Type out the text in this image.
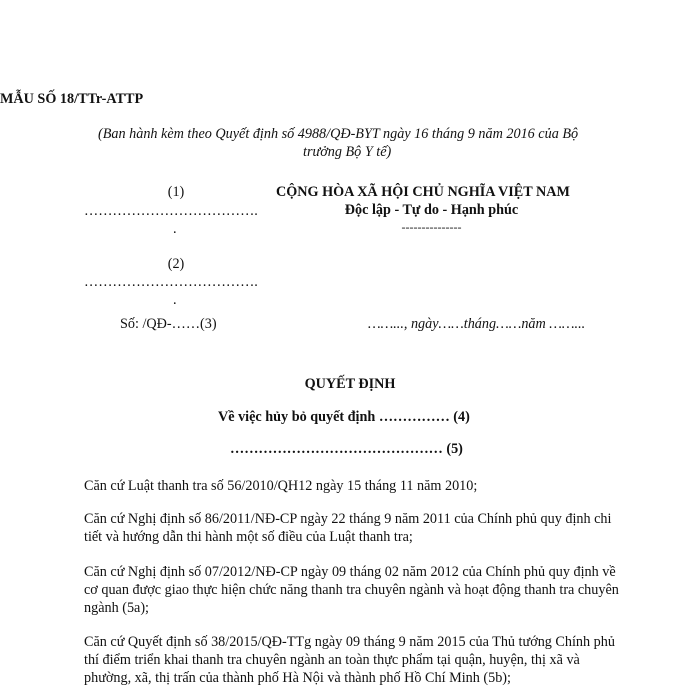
MẪU SỐ 18/TTr-ATTP
(Ban hành kèm theo Quyết định số 4988/QĐ-BYT ngày 16 tháng 9 năm 2016 của Bộ
trưởng Bộ Y tế)
(1)
……………………………….
.
(2)
……………………………….
.
Số: /QĐ-……(3)
CỘNG HÒA XÃ HỘI CHỦ NGHĨA VIỆT NAM
Độc lập - Tự do - Hạnh phúc
---------------
……..., ngày……tháng……năm ……...
QUYẾT ĐỊNH
Về việc hủy bỏ quyết định …………… (4)
……………………………………… (5)
Căn cứ Luật thanh tra số 56/2010/QH12 ngày 15 tháng 11 năm 2010;
Căn cứ Nghị định số 86/2011/NĐ-CP ngày 22 tháng 9 năm 2011 của Chính phủ quy định chi tiết và hướng dẫn thi hành một số điều của Luật thanh tra;
Căn cứ Nghị định số 07/2012/NĐ-CP ngày 09 tháng 02 năm 2012 của Chính phủ quy định về cơ quan được giao thực hiện chức năng thanh tra chuyên ngành và hoạt động thanh tra chuyên ngành (5a);
Căn cứ Quyết định số 38/2015/QĐ-TTg ngày 09 tháng 9 năm 2015 của Thủ tướng Chính phủ thí điểm triển khai thanh tra chuyên ngành an toàn thực phẩm tại quận, huyện, thị xã và phường, xã, thị trấn của thành phố Hà Nội và thành phố Hồ Chí Minh (5b);
